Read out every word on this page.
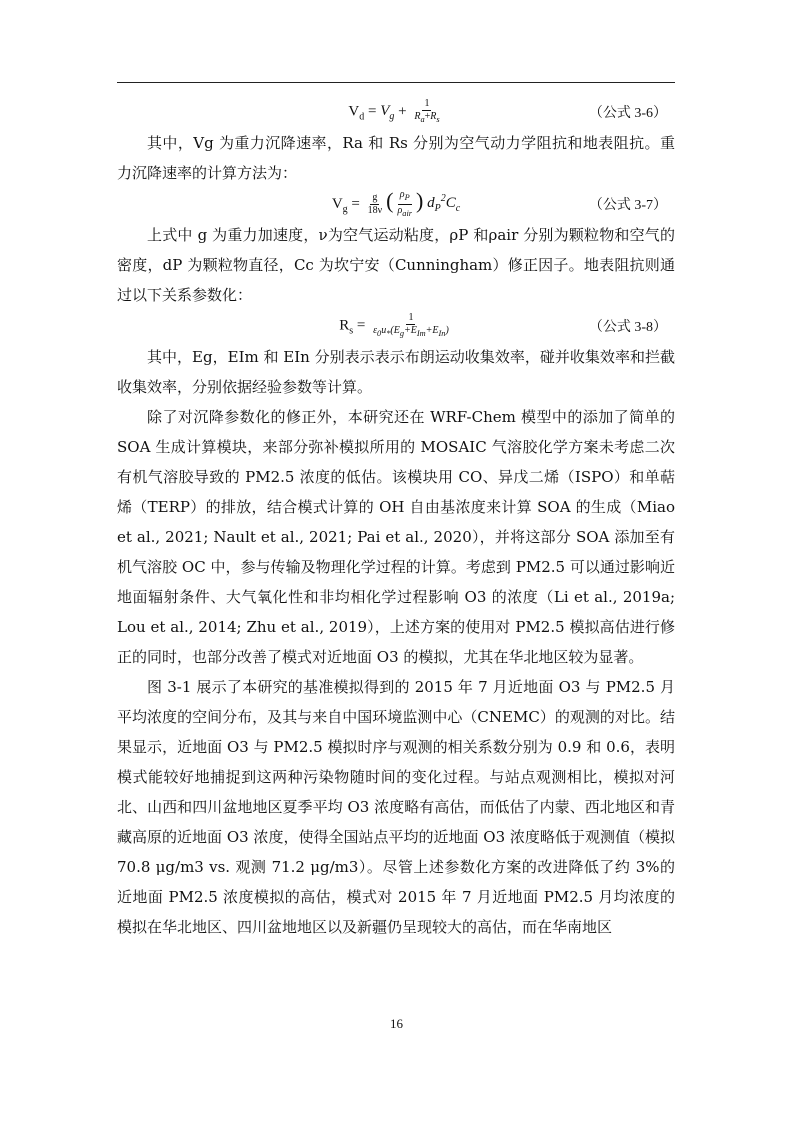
$V_d = V_g + \frac{1}{R_a+R_s}$	（公式 3-6）

其中，Vg 为重力沉降速率，Ra 和 Rs 分别为空气动力学阻抗和地表阻抗。重力沉降速率的计算方法为：

$V_g = \frac{g}{18\nu}$ ( $\frac{\rho_P}{\rho_{air}}$ ) $d_P^2C_c$	（公式 3-7）

上式中 g 为重力加速度，ν为空气运动粘度，ρP 和ρair 分别为颗粒物和空气的密度，dP 为颗粒物直径，Cc 为坎宁安（Cunningham）修正因子。地表阻抗则通过以下关系参数化：

$R_s = \frac{1}{\varepsilon_0u_*(E_g+E_{Im}+E_{In})}$	（公式 3-8）

其中，Eg，EIm 和 EIn 分别表示表示布朗运动收集效率，碰并收集效率和拦截收集效率，分别依据经验参数等计算。

除了对沉降参数化的修正外，本研究还在 WRF-Chem 模型中的添加了简单的 SOA 生成计算模块，来部分弥补模拟所用的 MOSAIC 气溶胶化学方案未考虑二次有机气溶胶导致的 PM2.5 浓度的低估。该模块用 CO、异戊二烯（ISPO）和单萜烯（TERP）的排放，结合模式计算的 OH 自由基浓度来计算 SOA 的生成（Miao et al., 2021; Nault et al., 2021; Pai et al., 2020），并将这部分 SOA 添加至有机气溶胶 OC 中，参与传输及物理化学过程的计算。考虑到 PM2.5 可以通过影响近地面辐射条件、大气氧化性和非均相化学过程影响 O3 的浓度（Li et al., 2019a; Lou et al., 2014; Zhu et al., 2019），上述方案的使用对 PM2.5 模拟高估进行修正的同时，也部分改善了模式对近地面 O3 的模拟，尤其在华北地区较为显著。

图 3-1 展示了本研究的基准模拟得到的 2015 年 7 月近地面 O3 与 PM2.5 月平均浓度的空间分布，及其与来自中国环境监测中心（CNEMC）的观测的对比。结果显示，近地面 O3 与 PM2.5 模拟时序与观测的相关系数分别为 0.9 和 0.6，表明模式能较好地捕捉到这两种污染物随时间的变化过程。与站点观测相比，模拟对河北、山西和四川盆地地区夏季平均 O3 浓度略有高估，而低估了内蒙、西北地区和青藏高原的近地面 O3 浓度，使得全国站点平均的近地面 O3 浓度略低于观测值（模拟 70.8 μg/m3 vs. 观测 71.2 μg/m3）。尽管上述参数化方案的改进降低了约 3%的近地面 PM2.5 浓度模拟的高估，模式对 2015 年 7 月近地面 PM2.5 月均浓度的模拟在华北地区、四川盆地地区以及新疆仍呈现较大的高估，而在华南地区

16
